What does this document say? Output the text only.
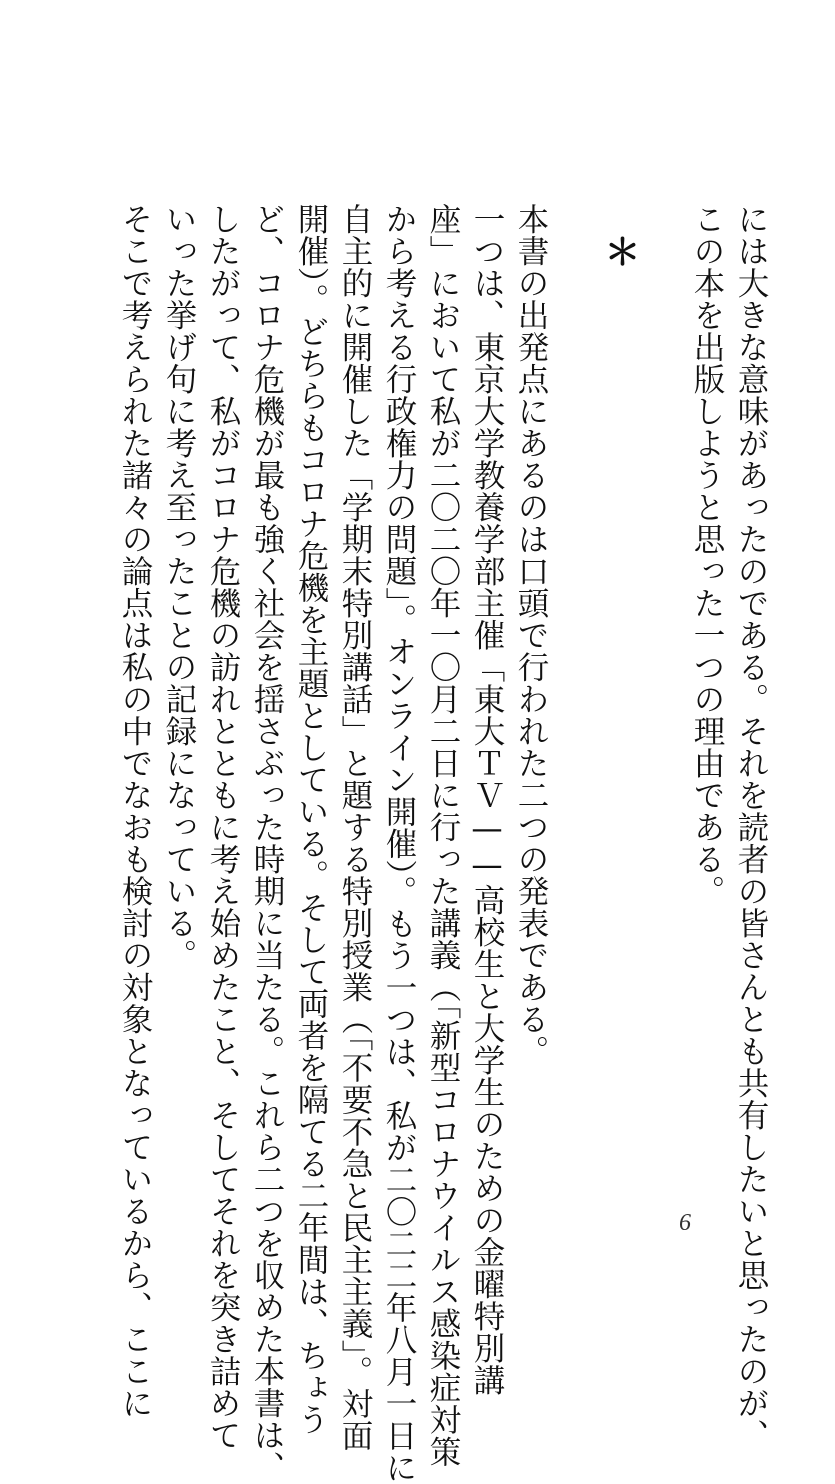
には大きな意味があったのである。それを読者の皆さんとも共有したいと思ったのが、
この本を出版しようと思った一つの理由である。
＊
本書の出発点にあるのは口頭で行われた二つの発表である。
一つは、東京大学教養学部主催「東大ＴＶ——高校生と大学生のための金曜特別講
座」において私が二〇二〇年一〇月二日に行った講義（「新型コロナウイルス感染症対策
から考える行政権力の問題」。オンライン開催）。もう一つは、私が二〇二二年八月一日に
自主的に開催した「学期末特別講話」と題する特別授業（「不要不急と民主主義」。対面
開催）。どちらもコロナ危機を主題としている。そして両者を隔てる二年間は、ちょう
ど、コロナ危機が最も強く社会を揺さぶった時期に当たる。これら二つを収めた本書は、
したがって、私がコロナ危機の訪れとともに考え始めたこと、そしてそれを突き詰めて
いった挙げ句に考え至ったことの記録になっている。
そこで考えられた諸々の論点は私の中でなおも検討の対象となっているから、ここに	6
